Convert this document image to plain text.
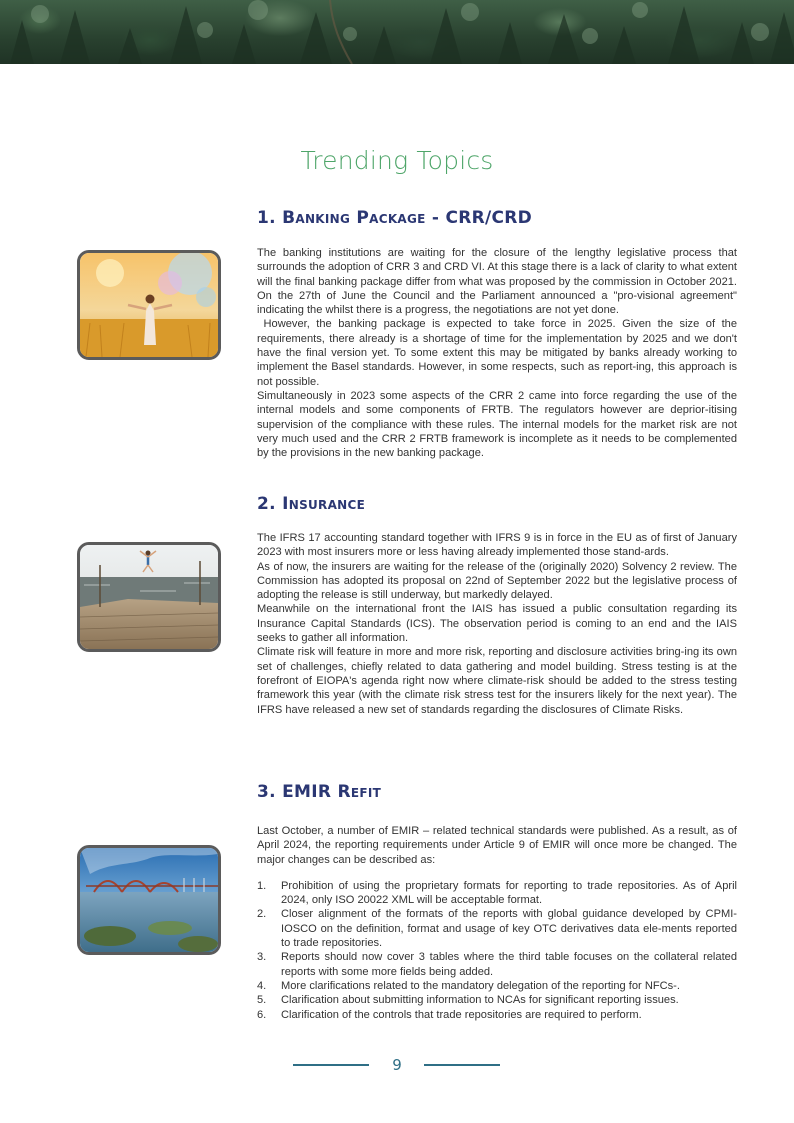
Trending Topics
1. Banking Package - CRR/CRD

The banking institutions are waiting for the closure of the lengthy legislative process that surrounds the adoption of CRR 3 and CRD VI. At this stage there is a lack of clarity to what extent will the final banking package differ from what was proposed by the commission in October 2021. On the 27th of June the Council and the Parliament announced a "pro-visional agreement" indicating the whilst there is a progress, the negotiations are not yet done.

However, the banking package is expected to take force in 2025. Given the size of the requirements, there already is a shortage of time for the implementation by 2025 and we don't have the final version yet. To some extent this may be mitigated by banks already working to implement the Basel standards. However, in some respects, such as report-ing, this approach is not possible.

Simultaneously in 2023 some aspects of the CRR 2 came into force regarding the use of the internal models and some components of FRTB. The regulators however are deprior-itising supervision of the compliance with these rules. The internal models for the market risk are not very much used and the CRR 2 FRTB framework is incomplete as it needs to be complemented by the provisions in the new banking package.

2. Insurance

The IFRS 17 accounting standard together with IFRS 9 is in force in the EU as of first of January 2023 with most insurers more or less having already implemented those stand-ards.

As of now, the insurers are waiting for the release of the (originally 2020) Solvency 2 review. The Commission has adopted its proposal on 22nd of September 2022 but the legislative process of adopting the release is still underway, but markedly delayed.

Meanwhile on the international front the IAIS has issued a public consultation regarding its Insurance Capital Standards (ICS). The observation period is coming to an end and the IAIS seeks to gather all information.

Climate risk will feature in more and more risk, reporting and disclosure activities bring-ing its own set of challenges, chiefly related to data gathering and model building. Stress testing is at the forefront of EIOPA's agenda right now where climate-risk should be added to the stress testing framework this year (with the climate risk stress test for the insurers likely for the next year). The IFRS have released a new set of standards regarding the disclosures of Climate Risks.

3. EMIR Refit

Last October, a number of EMIR – related technical standards were published. As a result, as of April 2024, the reporting requirements under Article 9 of EMIR will once more be changed. The major changes can be described as:

1. Prohibition of using the proprietary formats for reporting to trade repositories. As of April 2024, only ISO 20022 XML will be acceptable format.
2. Closer alignment of the formats of the reports with global guidance developed by CPMI-IOSCO on the definition, format and usage of key OTC derivatives data ele-ments reported to trade repositories.
3. Reports should now cover 3 tables where the third table focuses on the collateral related reports with some more fields being added.
4. More clarifications related to the mandatory delegation of the reporting for NFCs-.
5. Clarification about submitting information to NCAs for significant reporting issues.
6. Clarification of the controls that trade repositories are required to perform.
9
